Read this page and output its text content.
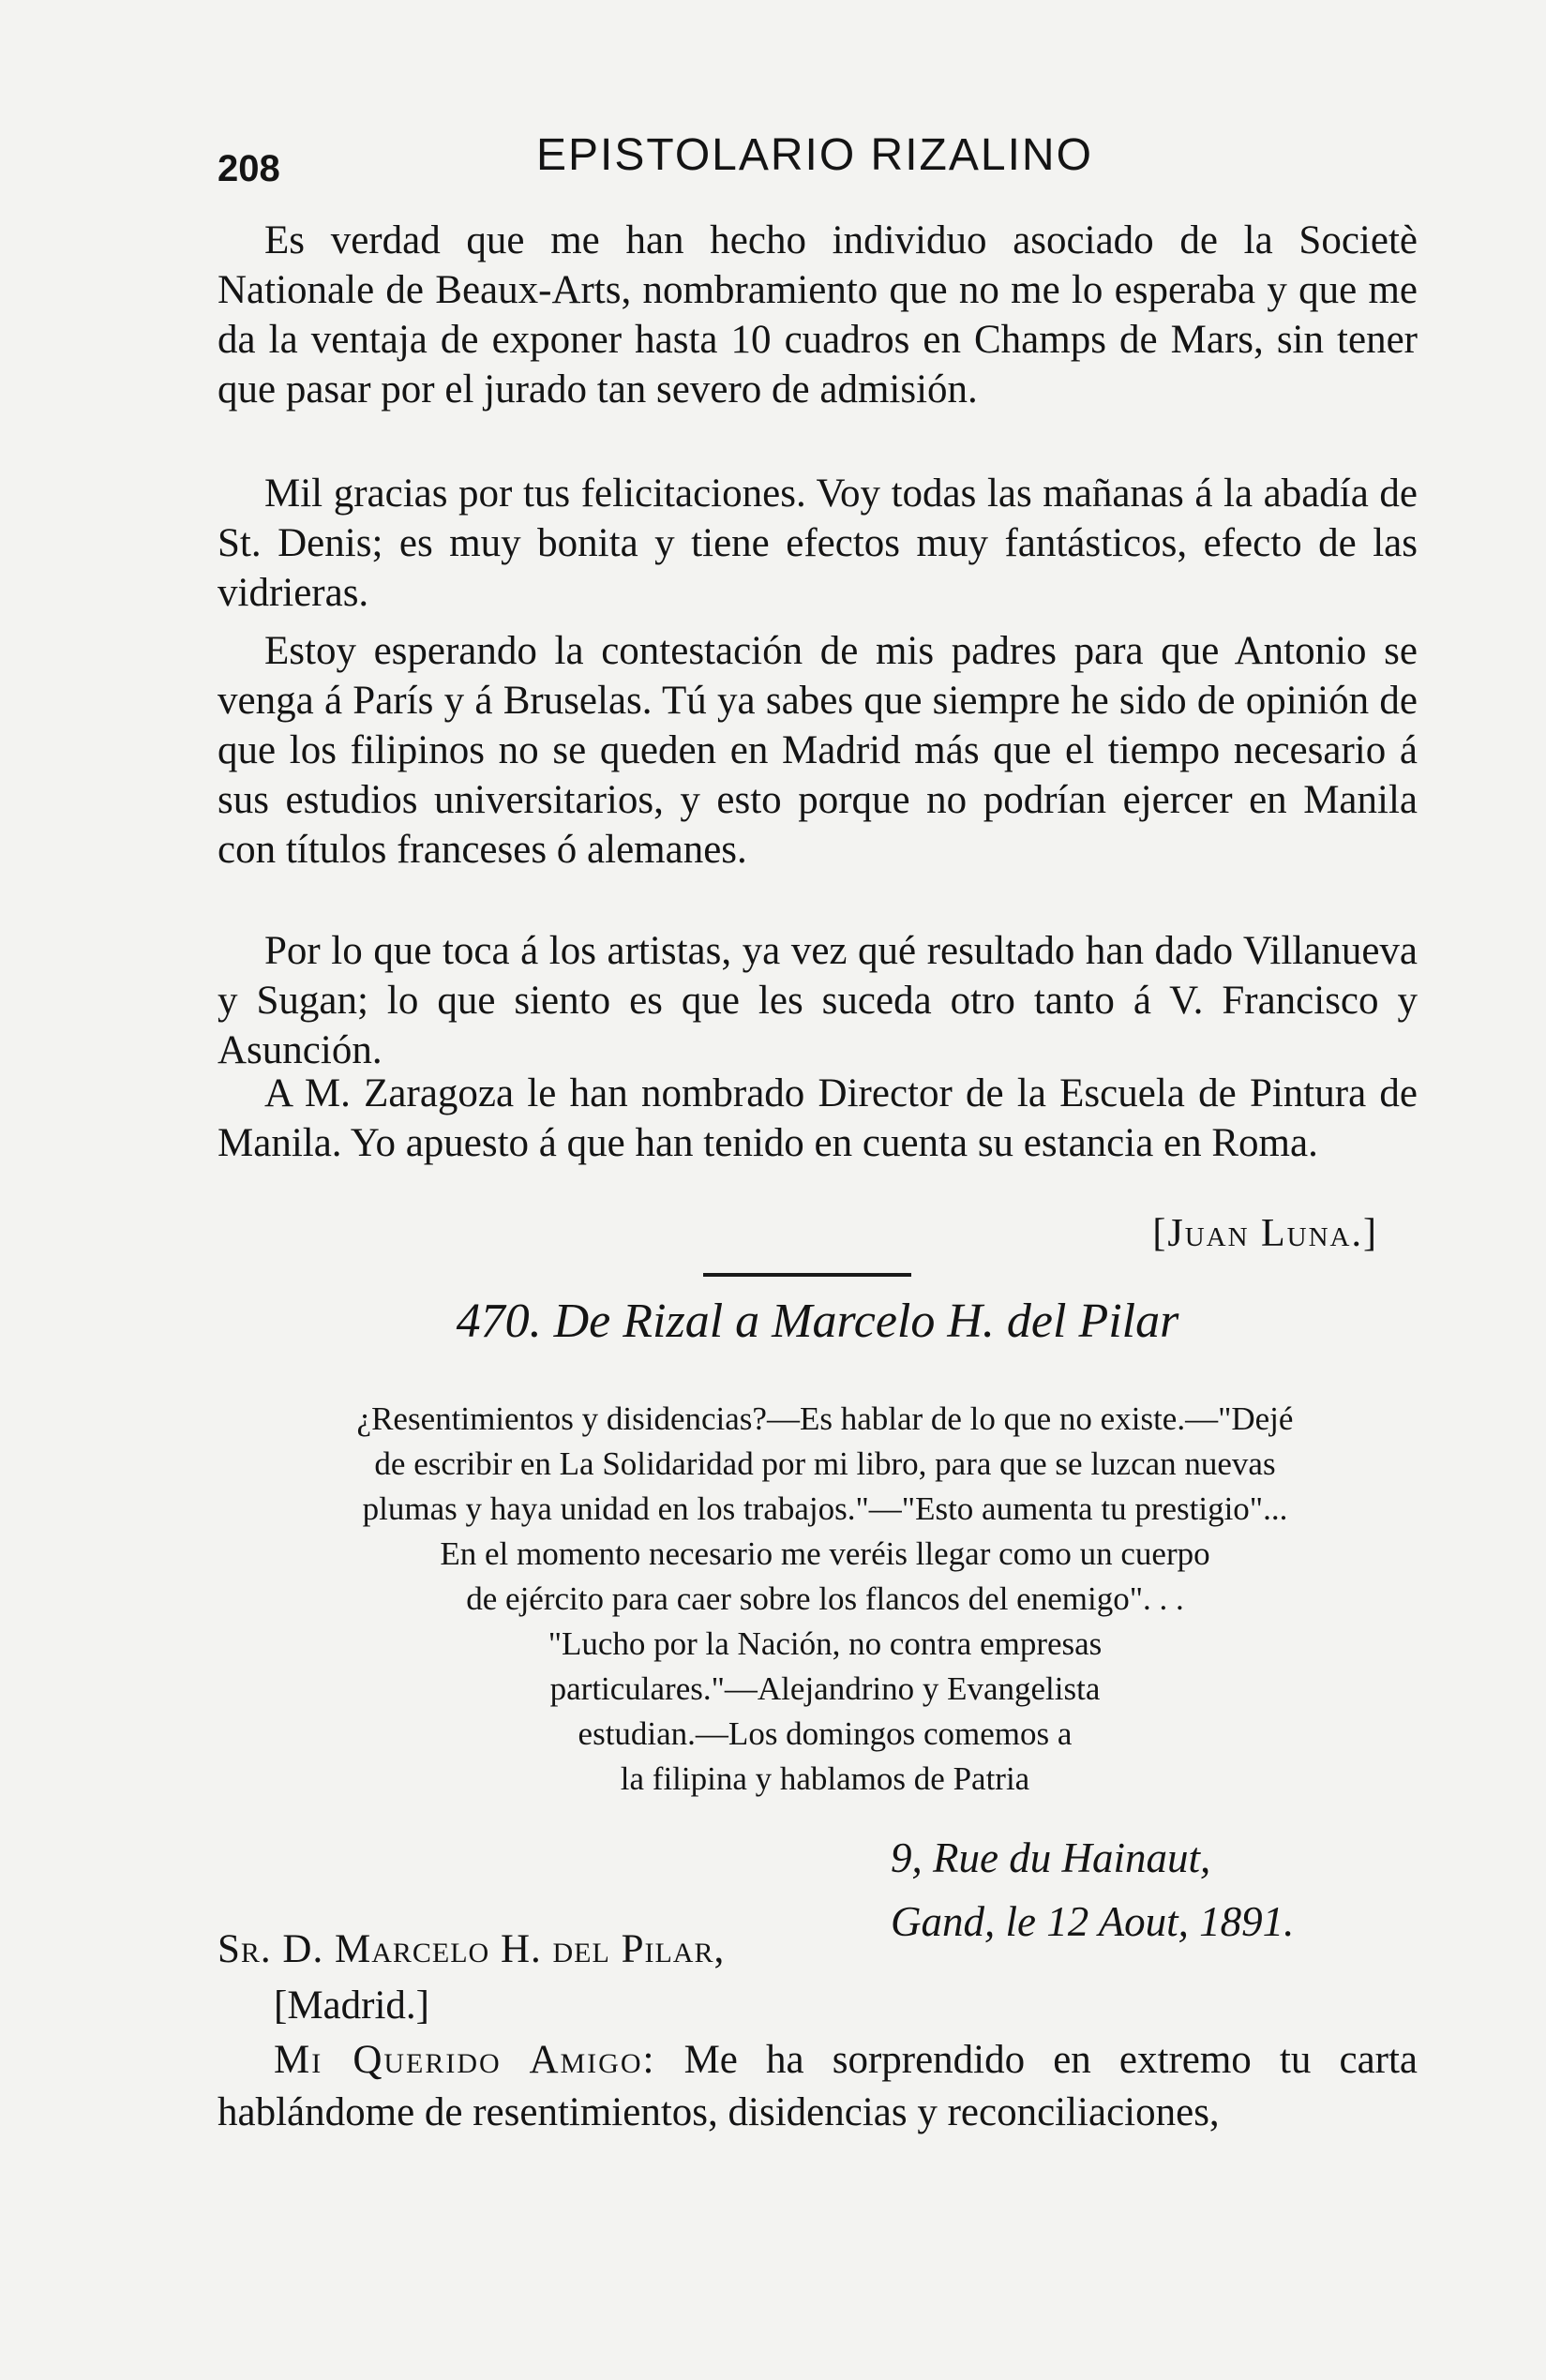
208	EPISTOLARIO RIZALINO

Es verdad que me han hecho individuo asociado de la Societè Nationale de Beaux-Arts, nombramiento que no me lo esperaba y que me da la ventaja de exponer hasta 10 cuadros en Champs de Mars, sin tener que pasar por el jurado tan severo de admisión.

Mil gracias por tus felicitaciones. Voy todas las mañanas á la abadía de St. Denis; es muy bonita y tiene efectos muy fantásticos, efecto de las vidrieras.

Estoy esperando la contestación de mis padres para que Antonio se venga á París y á Bruselas. Tú ya sabes que siempre he sido de opinión de que los filipinos no se queden en Madrid más que el tiempo necesario á sus estudios universitarios, y esto porque no podrían ejercer en Manila con títulos franceses ó alemanes.

Por lo que toca á los artistas, ya vez qué resultado han dado Villanueva y Sugan; lo que siento es que les suceda otro tanto á V. Francisco y Asunción.

A M. Zaragoza le han nombrado Director de la Escuela de Pintura de Manila. Yo apuesto á que han tenido en cuenta su estancia en Roma.

[Juan Luna.]
470. De Rizal a Marcelo H. del Pilar
¿Resentimientos y disidencias?—Es hablar de lo que no existe.—"Dejé
de escribir en La Solidaridad por mi libro, para que se luzcan nuevas
plumas y haya unidad en los trabajos."—"Esto aumenta tu prestigio"...
En el momento necesario me veréis llegar como un cuerpo
de ejército para caer sobre los flancos del enemigo". . .
"Lucho por la Nación, no contra empresas
particulares."—Alejandrino y Evangelista
estudian.—Los domingos comemos a
la filipina y hablamos de Patria
9, Rue du Hainaut,
Gand, le 12 Aout, 1891.
Sr. D. Marcelo H. del Pilar,
[Madrid.]

Mi Querido Amigo: Me ha sorprendido en extremo tu carta hablándome de resentimientos, disidencias y reconciliaciones,
